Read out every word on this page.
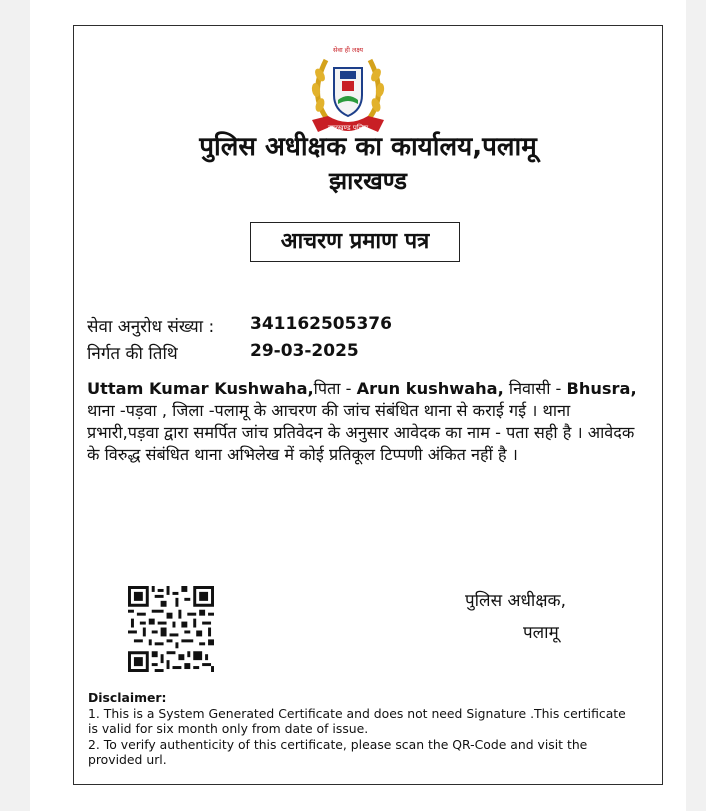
झारखण्ड पुलिस
सेवा ही लक्ष्य
पुलिस अधीक्षक का कार्यालय,पलामू
झारखण्ड
आचरण प्रमाण पत्र
सेवा अनुरोध संख्या : 341162505376
निर्गत की तिथि	29-03-2025
Uttam Kumar Kushwaha,पिता - Arun kushwaha, निवासी - Bhusra, थाना -पड़वा , जिला -पलामू के आचरण की जांच संबंधित थाना से कराई गई । थाना प्रभारी,पड़वा द्वारा समर्पित जांच प्रतिवेदन के अनुसार आवेदक का नाम - पता सही है । आवेदक के विरुद्ध संबंधित थाना अभिलेख में कोई प्रतिकूल टिप्पणी अंकित नहीं है ।
पुलिस अधीक्षक,
पलामू
Disclaimer:
1. This is a System Generated Certificate and does not need Signature .This certificate is valid for six month only from date of issue.
2. To verify authenticity of this certificate, please scan the QR-Code and visit the provided url.
